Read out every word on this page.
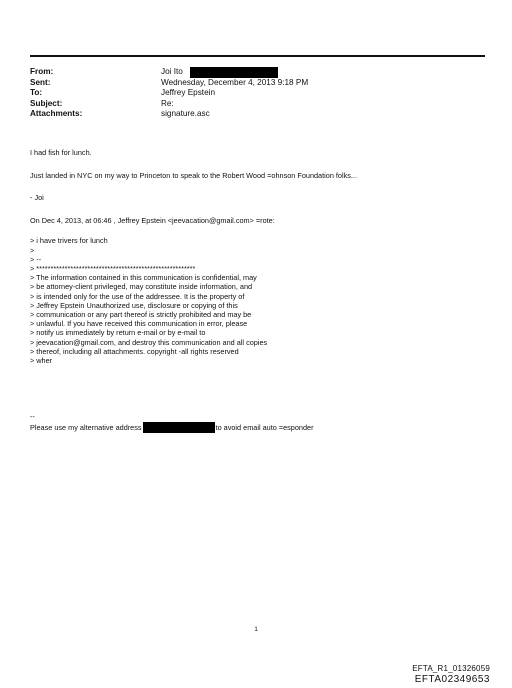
From:	Joi Ito
Sent:	Wednesday, December 4, 2013 9:18 PM
To:	Jeffrey Epstein
Subject:	Re:
Attachments:	signature.asc

I had fish for lunch.

Just landed in NYC on my way to Princeton to speak to the Robert Wood =ohnson Foundation folks...

- Joi

On Dec 4, 2013, at 06:46 , Jeffrey Epstein <jeevacation@gmail.com> =rote:

> i have trivers for lunch

>

> --

> ********************************************************

> The information contained in this communication is confidential, may

> be attorney-client privileged, may constitute inside information, and

> is intended only for the use of the addressee. It is the property of

> Jeffrey Epstein Unauthorized use, disclosure or copying of this

> communication or any part thereof is strictly prohibited and may be

> unlawful. If you have received this communication in error, please

> notify us immediately by return e-mail or by e-mail to

> jeevacation@gmail.com, and destroy this communication and all copies

> thereof, including all attachments. copyright -all rights reserved

> wher

--
Please use my alternative address	to avoid email auto =esponder
1
EFTA_R1_01326059
EFTA02349653
